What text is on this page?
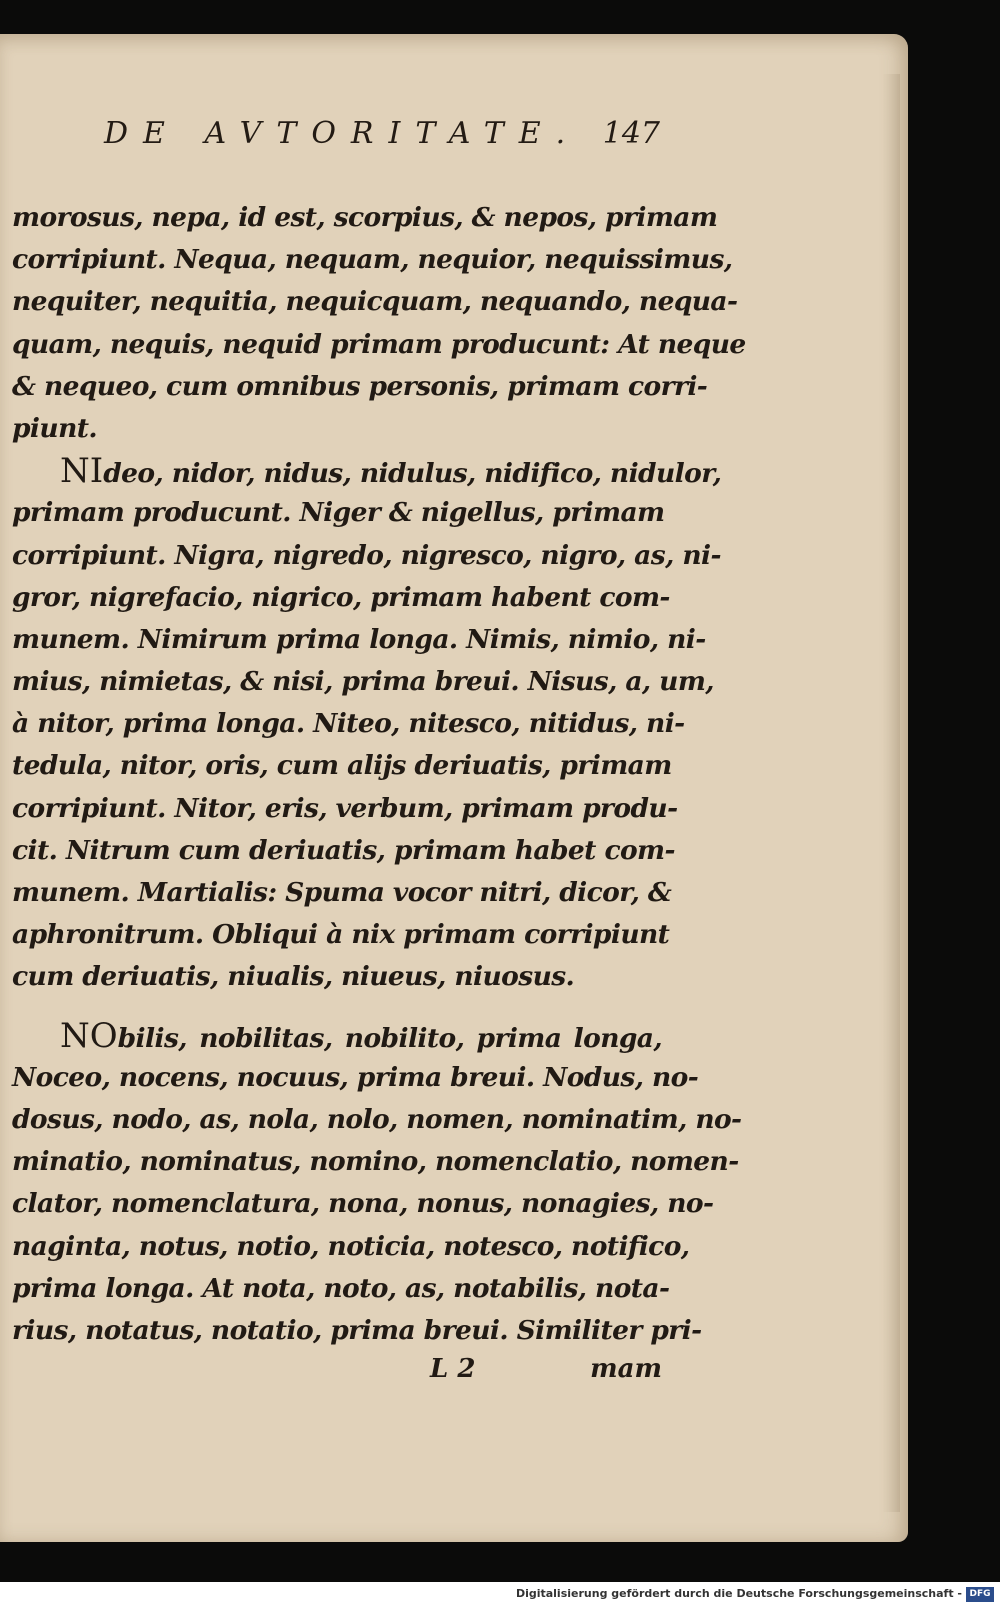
DE AVTORITATE. 147
morosus, nepa, id est, scorpius, & nepos, primam
corripiunt. Nequa, nequam, nequior, nequissimus,
nequiter, nequitia, nequicquam, nequando, nequa-
quam, nequis, nequid primam producunt: At neque
& nequeo, cum omnibus personis, primam corri-
piunt.
NIdeo, nidor, nidus, nidulus, nidifico, nidulor,
primam producunt. Niger & nigellus, primam
corripiunt. Nigra, nigredo, nigresco, nigro, as, ni-
gror, nigrefacio, nigrico, primam habent com-
munem. Nimirum prima longa. Nimis, nimio, ni-
mius, nimietas, & nisi, prima breui. Nisus, a, um,
à nitor, prima longa. Niteo, nitesco, nitidus, ni-
tedula, nitor, oris, cum alijs deriuatis, primam
corripiunt. Nitor, eris, verbum, primam produ-
cit. Nitrum cum deriuatis, primam habet com-
munem. Martialis: Spuma vocor nitri, dicor, &
aphronitrum. Obliqui à nix primam corripiunt
cum deriuatis, niualis, niueus, niuosus.
NObilis, nobilitas, nobilito, prima longa,
Noceo, nocens, nocuus, prima breui. Nodus, no-
dosus, nodo, as, nola, nolo, nomen, nominatim, no-
minatio, nominatus, nomino, nomenclatio, nomen-
clator, nomenclatura, nona, nonus, nonagies, no-
naginta, notus, notio, noticia, notesco, notifico,
prima longa. At nota, noto, as, notabilis, nota-
rius, notatus, notatio, prima breui. Similiter pri-
L 2	mam
Digitalisierung gefördert durch die Deutsche Forschungsgemeinschaft - DFG
